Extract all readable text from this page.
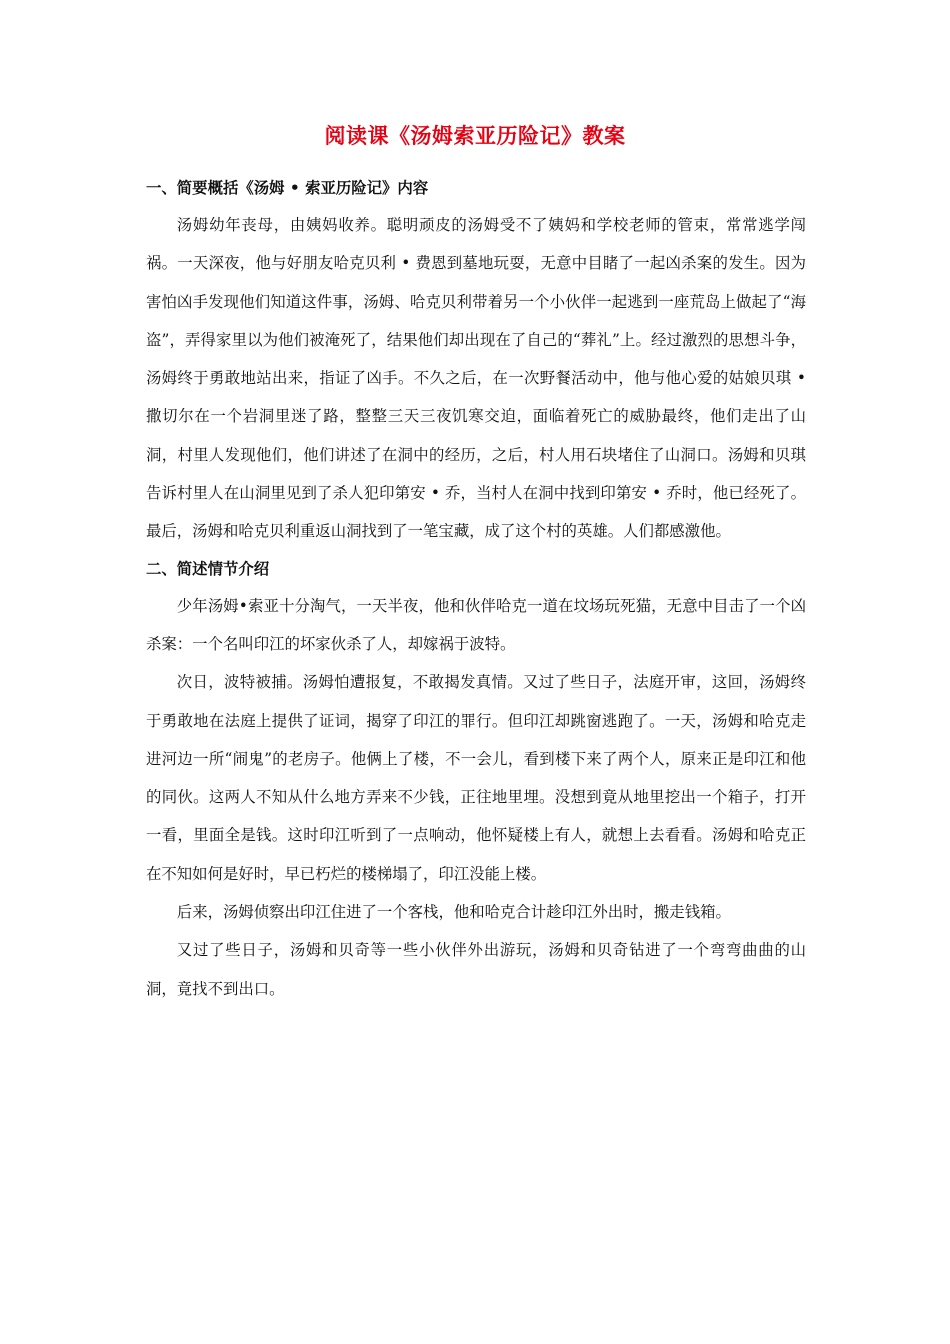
阅读课《汤姆索亚历险记》教案
一、简要概括《汤姆 • 索亚历险记》内容

汤姆幼年丧母，由姨妈收养。聪明顽皮的汤姆受不了姨妈和学校老师的管束，常常逃学闯祸。一天深夜，他与好朋友哈克贝利 • 费恩到墓地玩耍，无意中目睹了一起凶杀案的发生。因为害怕凶手发现他们知道这件事，汤姆、哈克贝利带着另一个小伙伴一起逃到一座荒岛上做起了“海盗”，弄得家里以为他们被淹死了，结果他们却出现在了自己的“葬礼”上。经过激烈的思想斗争，汤姆终于勇敢地站出来，指证了凶手。不久之后，在一次野餐活动中，他与他心爱的姑娘贝琪 • 撒切尔在一个岩洞里迷了路，整整三天三夜饥寒交迫，面临着死亡的威胁最终，他们走出了山洞，村里人发现他们，他们讲述了在洞中的经历，之后，村人用石块堵住了山洞口。汤姆和贝琪告诉村里人在山洞里见到了杀人犯印第安 • 乔，当村人在洞中找到印第安 • 乔时，他已经死了。最后，汤姆和哈克贝利重返山洞找到了一笔宝藏，成了这个村的英雄。人们都感激他。

二、简述情节介绍

少年汤姆•索亚十分淘气，一天半夜，他和伙伴哈克一道在坟场玩死猫，无意中目击了一个凶杀案：一个名叫印江的坏家伙杀了人，却嫁祸于波特。

次日，波特被捕。汤姆怕遭报复，不敢揭发真情。又过了些日子，法庭开审，这回，汤姆终于勇敢地在法庭上提供了证词，揭穿了印江的罪行。但印江却跳窗逃跑了。一天，汤姆和哈克走进河边一所“闹鬼”的老房子。他俩上了楼，不一会儿，看到楼下来了两个人，原来正是印江和他的同伙。这两人不知从什么地方弄来不少钱，正往地里埋。没想到竟从地里挖出一个箱子，打开一看，里面全是钱。这时印江听到了一点响动，他怀疑楼上有人，就想上去看看。汤姆和哈克正在不知如何是好时，早已朽烂的楼梯塌了，印江没能上楼。

后来，汤姆侦察出印江住进了一个客栈，他和哈克合计趁印江外出时，搬走钱箱。

又过了些日子，汤姆和贝奇等一些小伙伴外出游玩，汤姆和贝奇钻进了一个弯弯曲曲的山洞，竟找不到出口。
